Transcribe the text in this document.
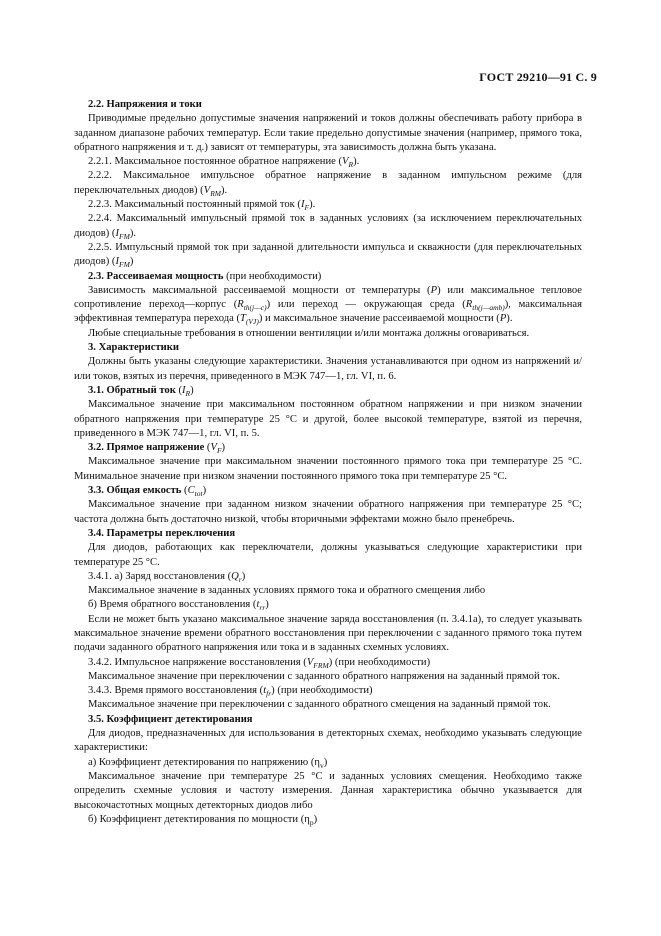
ГОСТ 29210—91 С. 9

2.2. Напряжения и токи

Приводимые предельно допустимые значения напряжений и токов должны обеспечивать работу прибора в заданном диапазоне рабочих температур. Если такие предельно допустимые значения (например, прямого тока, обратного напряжения и т. д.) зависят от температуры, эта зависимость должна быть указана.

2.2.1. Максимальное постоянное обратное напряжение $(V_R)$.

2.2.2. Максимальное импульсное обратное напряжение в заданном импульсном режиме (для переключательных диодов) $(V_{RM})$.

2.2.3. Максимальный постоянный прямой ток $(I_F)$.

2.2.4. Максимальный импульсный прямой ток в заданных условиях (за исключением переключательных диодов) $(I_{FM})$.

2.2.5. Импульсный прямой ток при заданной длительности импульса и скважности (для переключательных диодов) $(I_{FM})$

2.3. Рассеиваемая мощность (при необходимости)

Зависимость максимальной рассеиваемой мощности от температуры (P) или максимальное тепловое сопротивление переход—корпус $(R_{th(j—c)})$ или переход — окружающая среда $(R_{th(j—amb)})$, максимальная эффективная температура перехода $(T_{(VJ)})$ и максимальное значение рассеиваемой мощности (P).

Любые специальные требования в отношении вентиляции и/или монтажа должны оговариваться.

3. Характеристики

Должны быть указаны следующие характеристики. Значения устанавливаются при одном из напряжений и/или токов, взятых из перечня, приведенного в МЭК 747—1, гл. VI, п. 6.

3.1. Обратный ток $(I_R)$

Максимальное значение при максимальном постоянном обратном напряжении и при низком значении обратного напряжения при температуре 25 °С и другой, более высокой температуре, взятой из перечня, приведенного в МЭК 747—1, гл. VI, п. 5.

3.2. Прямое напряжение $(V_F)$

Максимальное значение при максимальном значении постоянного прямого тока при температуре 25 °С. Минимальное значение при низком значении постоянного прямого тока при температуре 25 °С.

3.3. Общая емкость $(C_{tot})$

Максимальное значение при заданном низком значении обратного напряжения при температуре 25 °С; частота должна быть достаточно низкой, чтобы вторичными эффектами можно было пренебречь.

3.4. Параметры переключения

Для диодов, работающих как переключатели, должны указываться следующие характеристики при температуре 25 °С.

3.4.1. а) Заряд восстановления $(Q_r)$

Максимальное значение в заданных условиях прямого тока и обратного смещения либо

б) Время обратного восстановления $(t_{rr})$

Если не может быть указано максимальное значение заряда восстановления (п. 3.4.1а), то следует указывать максимальное значение времени обратного восстановления при переключении с заданного прямого тока путем подачи заданного обратного напряжения или тока и в заданных схемных условиях.

3.4.2. Импульсное напряжение восстановления $(V_{FRM})$ (при необходимости)

Максимальное значение при переключении с заданного обратного напряжения на заданный прямой ток.

3.4.3. Время прямого восстановления $(t_{fr})$ (при необходимости)

Максимальное значение при переключении с заданного обратного смещения на заданный прямой ток.

3.5. Коэффициент детектирования

Для диодов, предназначенных для использования в детекторных схемах, необходимо указывать следующие характеристики:

а) Коэффициент детектирования по напряжению $(\eta_v)$

Максимальное значение при температуре 25 °С и заданных условиях смещения. Необходимо также определить схемные условия и частоту измерения. Данная характеристика обычно указывается для высокочастотных мощных детекторных диодов либо

б) Коэффициент детектирования по мощности $(\eta_p)$
